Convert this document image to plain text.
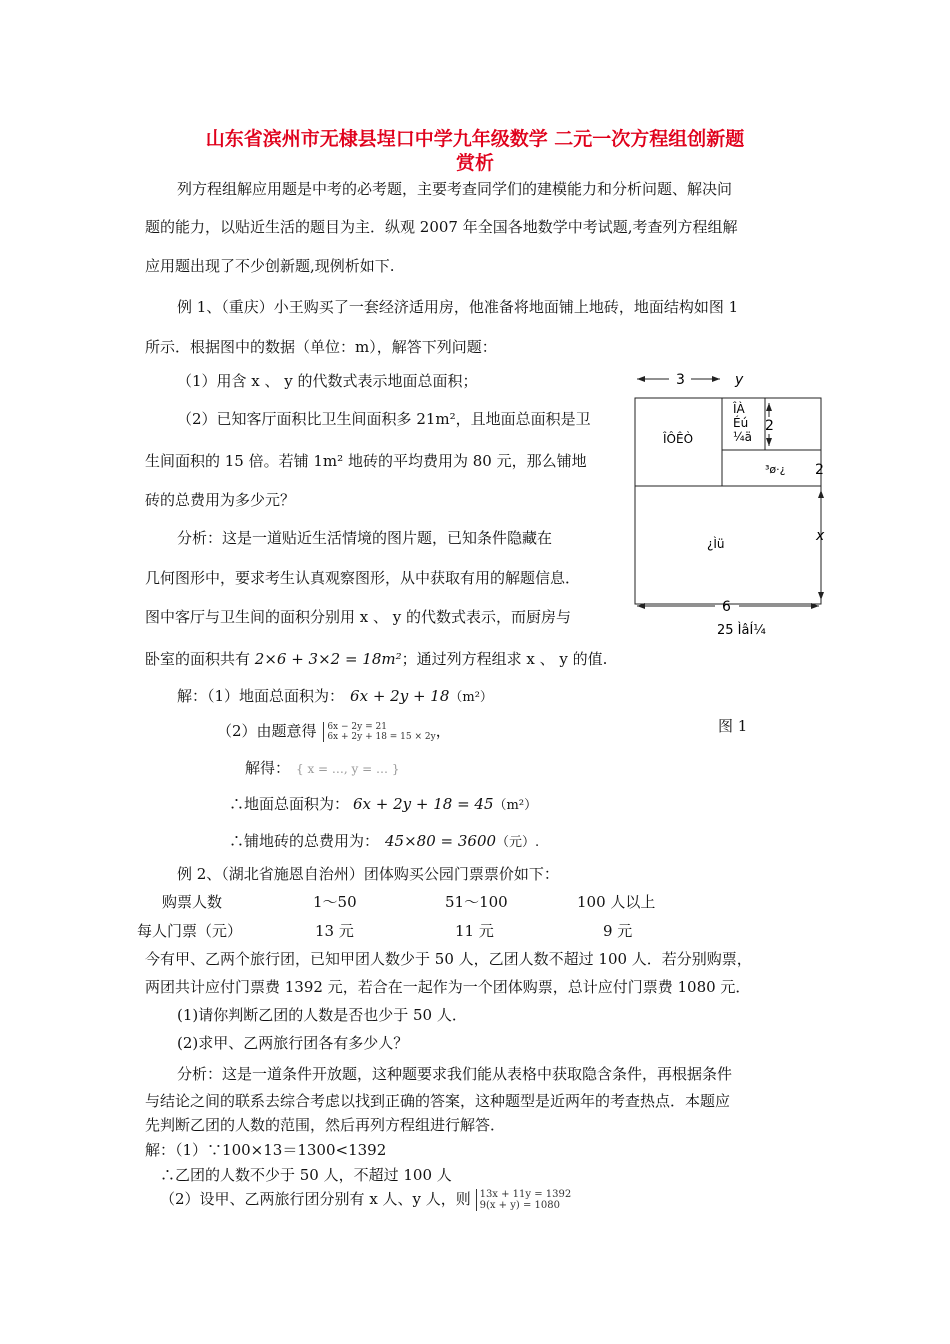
山东省滨州市无棣县埕口中学九年级数学 二元一次方程组创新题
赏析
列方程组解应用题是中考的必考题，主要考查同学们的建模能力和分析问题、解决问
题的能力，以贴近生活的题目为主．纵观 2007 年全国各地数学中考试题,考查列方程组解
应用题出现了不少创新题,现例析如下.
例 1、（重庆）小王购买了一套经济适用房，他准备将地面铺上地砖，地面结构如图 1
所示．根据图中的数据（单位：m），解答下列问题：
（1）用含 x 、 y 的代数式表示地面总面积；
（2）已知客厅面积比卫生间面积多 21m²，且地面总面积是卫
生间面积的 15 倍。若铺 1m² 地砖的平均费用为 80 元，那么铺地
砖的总费用为多少元？
分析：这是一道贴近生活情境的图片题，已知条件隐藏在
几何图形中，要求考生认真观察图形，从中获取有用的解题信息．
图中客厅与卫生间的面积分别用 x 、 y 的代数式表示，而厨房与
卧室的面积共有 2×6 + 3×2 = 18m²；通过列方程组求 x 、 y 的值.
解：（1）地面总面积为： 6x + 2y + 18（m²）
（2）由题意得 6x − 2y = 21
6x + 2y + 18 = 15 × 2y ，
解得： { x = …, y = … }
∴地面总面积为： 6x + 2y + 18 = 45（m²）
∴铺地砖的总费用为： 45×80 = 3600（元）.
3	y
2
2
x
6
ÎÔÊÒ
ÎÀ
Éú
¼ä
³ø·¿
¿Ìü
25 ÌâÍ¼
图 1
例 2、（湖北省施恩自治州）团体购买公园门票票价如下：
购票人数	1～50	51～100	100 人以上
每人门票（元）	13 元	11 元	9 元
今有甲、乙两个旅行团，已知甲团人数少于 50 人，乙团人数不超过 100 人．若分别购票，
两团共计应付门票费 1392 元，若合在一起作为一个团体购票，总计应付门票费 1080 元．
(1)请你判断乙团的人数是否也少于 50 人．
(2)求甲、乙两旅行团各有多少人？
分析：这是一道条件开放题，这种题要求我们能从表格中获取隐含条件，再根据条件
与结论之间的联系去综合考虑以找到正确的答案，这种题型是近两年的考查热点．本题应
先判断乙团的人数的范围，然后再列方程组进行解答．
解：（1）∵100×13＝1300<1392
∴乙团的人数不少于 50 人，不超过 100 人
（2）设甲、乙两旅行团分别有 x 人、y 人，则 13x + 11y = 1392
9(x + y) = 1080
